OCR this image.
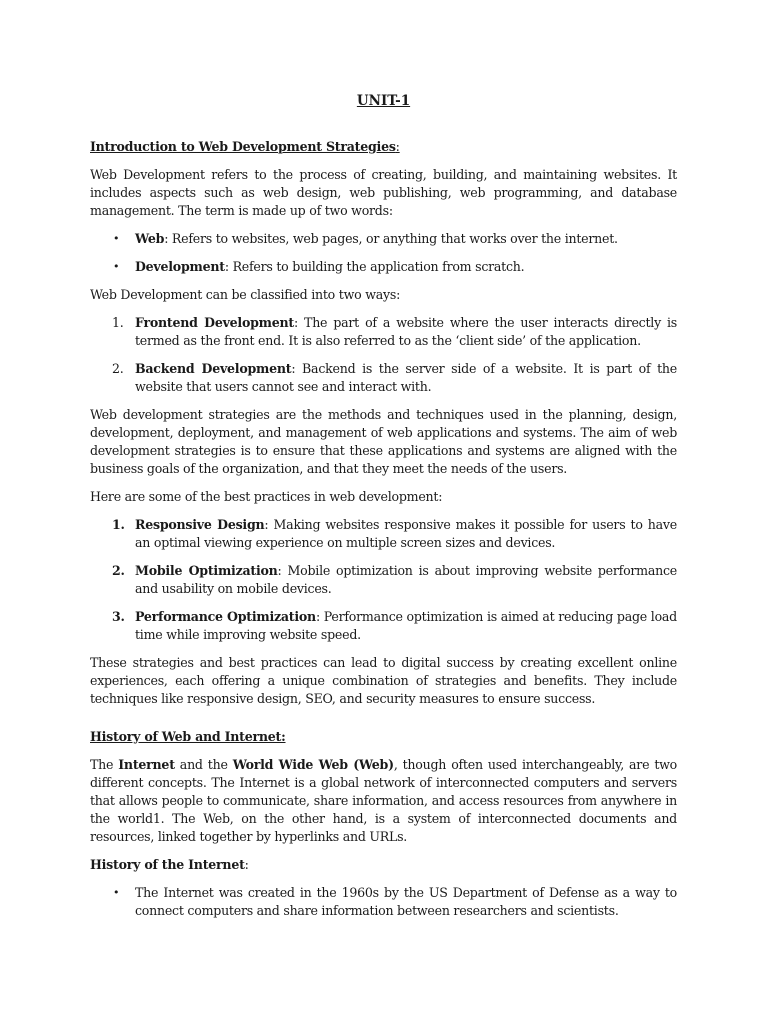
UNIT-1
Introduction to Web Development Strategies:

Web Development refers to the process of creating, building, and maintaining websites. It includes aspects such as web design, web publishing, web programming, and database management. The term is made up of two words:

• Web: Refers to websites, web pages, or anything that works over the internet.
• Development: Refers to building the application from scratch.

Web Development can be classified into two ways:

1. Frontend Development: The part of a website where the user interacts directly is termed as the front end. It is also referred to as the ‘client side’ of the application.
2. Backend Development: Backend is the server side of a website. It is part of the website that users cannot see and interact with.

Web development strategies are the methods and techniques used in the planning, design, development, deployment, and management of web applications and systems. The aim of web development strategies is to ensure that these applications and systems are aligned with the business goals of the organization, and that they meet the needs of the users.

Here are some of the best practices in web development:

1. Responsive Design: Making websites responsive makes it possible for users to have an optimal viewing experience on multiple screen sizes and devices.
2. Mobile Optimization: Mobile optimization is about improving website performance and usability on mobile devices.
3. Performance Optimization: Performance optimization is aimed at reducing page load time while improving website speed.

These strategies and best practices can lead to digital success by creating excellent online experiences, each offering a unique combination of strategies and benefits. They include techniques like responsive design, SEO, and security measures to ensure success.

History of Web and Internet:

The Internet and the World Wide Web (Web), though often used interchangeably, are two different concepts. The Internet is a global network of interconnected computers and servers that allows people to communicate, share information, and access resources from anywhere in the world1. The Web, on the other hand, is a system of interconnected documents and resources, linked together by hyperlinks and URLs.

History of the Internet:
• The Internet was created in the 1960s by the US Department of Defense as a way to connect computers and share information between researchers and scientists.
